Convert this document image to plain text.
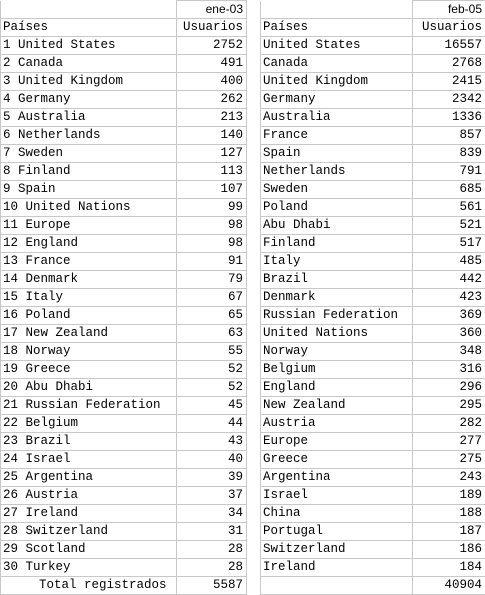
	ene-03			feb-05
Países	Usuarios		Países	Usuarios
1 United States	2752		United States	16557
2 Canada	491		Canada	2768
3 United Kingdom	400		United Kingdom	2415
4 Germany	262		Germany	2342
5 Australia	213		Australia	1336
6 Netherlands	140		France	857
7 Sweden	127		Spain	839
8 Finland	113		Netherlands	791
9 Spain	107		Sweden	685
10 United Nations	99		Poland	561
11 Europe	98		Abu Dhabi	521
12 England	98		Finland	517
13 France	91		Italy	485
14 Denmark	79		Brazil	442
15 Italy	67		Denmark	423
16 Poland	65		Russian Federation	369
17 New Zealand	63		United Nations	360
18 Norway	55		Norway	348
19 Greece	52		Belgium	316
20 Abu Dhabi	52		England	296
21 Russian Federation	45		New Zealand	295
22 Belgium	44		Austria	282
23 Brazil	43		Europe	277
24 Israel	40		Greece	275
25 Argentina	39		Argentina	243
26 Austria	37		Israel	189
27 Ireland	34		China	188
28 Switzerland	31		Portugal	187
29 Scotland	28		Switzerland	186
30 Turkey	28		Ireland	184
Total registrados	5587			40904
